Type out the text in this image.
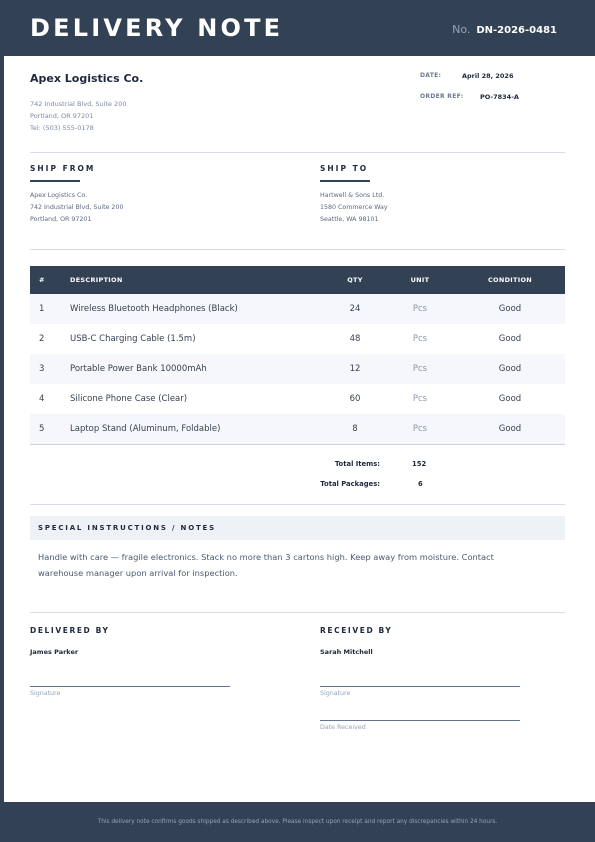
DELIVERY NOTE	No. DN-2026-0481
Apex Logistics Co.
742 Industrial Blvd, Suite 200
Portland, OR 97201
Tel: (503) 555-0178
DATE:	April 28, 2026
ORDER REF:	PO-7834-A
SHIP FROM
Apex Logistics Co.
742 Industrial Blvd, Suite 200
Portland, OR 97201
SHIP TO
Hartwell & Sons Ltd.
1580 Commerce Way
Seattle, WA 98101
#	DESCRIPTION	QTY	UNIT	CONDITION
1	Wireless Bluetooth Headphones (Black)	24	Pcs	Good
2	USB-C Charging Cable (1.5m)	48	Pcs	Good
3	Portable Power Bank 10000mAh	12	Pcs	Good
4	Silicone Phone Case (Clear)	60	Pcs	Good
5	Laptop Stand (Aluminum, Foldable)	8	Pcs	Good
Total Items:	152
Total Packages:	6
SPECIAL INSTRUCTIONS / NOTES
Handle with care — fragile electronics. Stack no more than 3 cartons high. Keep away from moisture. Contact warehouse manager upon arrival for inspection.
DELIVERED BY
James Parker
Signature
RECEIVED BY
Sarah Mitchell
Signature
Date Received
This delivery note confirms goods shipped as described above. Please inspect upon receipt and report any discrepancies within 24 hours.
